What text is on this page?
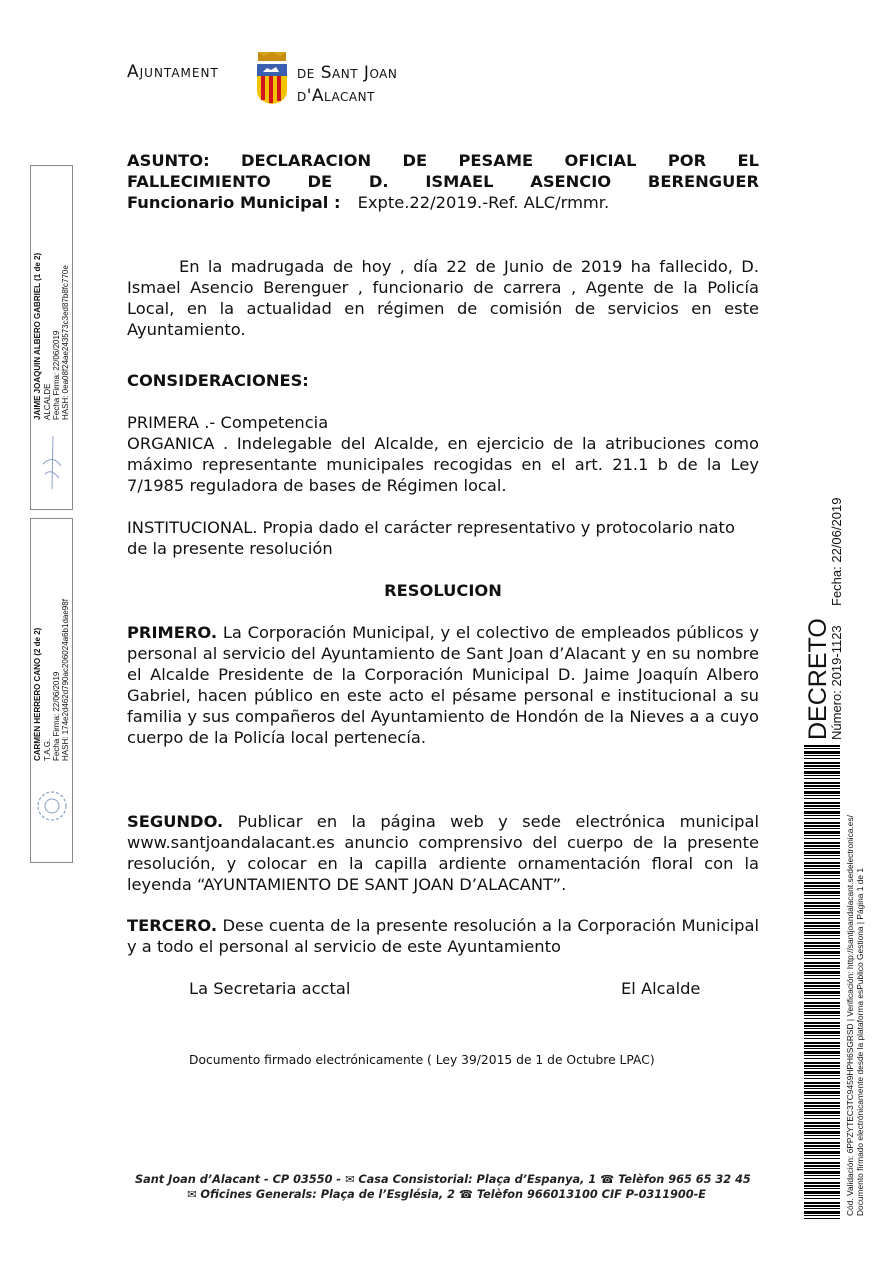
Ajuntament	de Sant Joan
d'Alacant

ASUNTO: DECLARACION DE PESAME OFICIAL POR EL

FALLECIMIENTO DE D. ISMAEL ASENCIO BERENGUER

Funcionario Municipal : Expte.22/2019.-Ref. ALC/rmmr.

En la madrugada de hoy , día 22 de Junio de 2019 ha fallecido, D. Ismael Asencio Berenguer , funcionario de carrera , Agente de la Policía Local, en la actualidad en régimen de comisión de servicios en este Ayuntamiento.

CONSIDERACIONES:

PRIMERA .- Competencia

ORGANICA . Indelegable del Alcalde, en ejercicio de la atribuciones como máximo representante municipales recogidas en el art. 21.1 b de la Ley 7/1985 reguladora de bases de Régimen local.

INSTITUCIONAL. Propia dado el carácter representativo y protocolario nato de la presente resolución

RESOLUCION

PRIMERO. La Corporación Municipal, y el colectivo de empleados públicos y personal al servicio del Ayuntamiento de Sant Joan d’Alacant y en su nombre el Alcalde Presidente de la Corporación Municipal D. Jaime Joaquín Albero Gabriel, hacen público en este acto el pésame personal e institucional a su familia y sus compañeros del Ayuntamiento de Hondón de la Nieves a a cuyo cuerpo de la Policía local pertenecía.

SEGUNDO. Publicar en la página web y sede electrónica municipal www.santjoandalacant.es anuncio comprensivo del cuerpo de la presente resolución, y colocar en la capilla ardiente ornamentación floral con la leyenda “AYUNTAMIENTO DE SANT JOAN D’ALACANT”.

TERCERO. Dese cuenta de la presente resolución a la Corporación Municipal y a todo el personal al servicio de este Ayuntamiento

La Secretaria acctal	El Alcalde
Documento firmado electrónicamente ( Ley 39/2015 de 1 de Octubre LPAC)
Sant Joan d’Alacant - CP 03550 - ✉ Casa Consistorial: Plaça d’Espanya, 1 ☎ Telèfon 965 65 32 45
✉ Oficines Generals: Plaça de l’Església, 2 ☎ Telèfon 966013100 CIF P-0311900-E
JAIME JOAQUIN ALBERO GABRIEL (1 de 2) ALCALDE Fecha Firma: 22/06/2019 HASH: 0ea08f24ae243573c3ed87b8fc770e
CARMEN HERRERO CANO (2 de 2) T.A.G. Fecha Firma: 22/06/2019 HASH: 174e2d462d790ac206024a6b1dae98f	DECRETO
Número: 2019-1123
Fecha: 22/06/2019
Cód. Validación: 6PPZYTEC3TC9459HPH6SGRSD | Verificación: http://santjoandalacant.sedelectronica.es/ Documento firmado electrónicamente desde la plataforma esPublico Gestiona | Página 1 de 1
